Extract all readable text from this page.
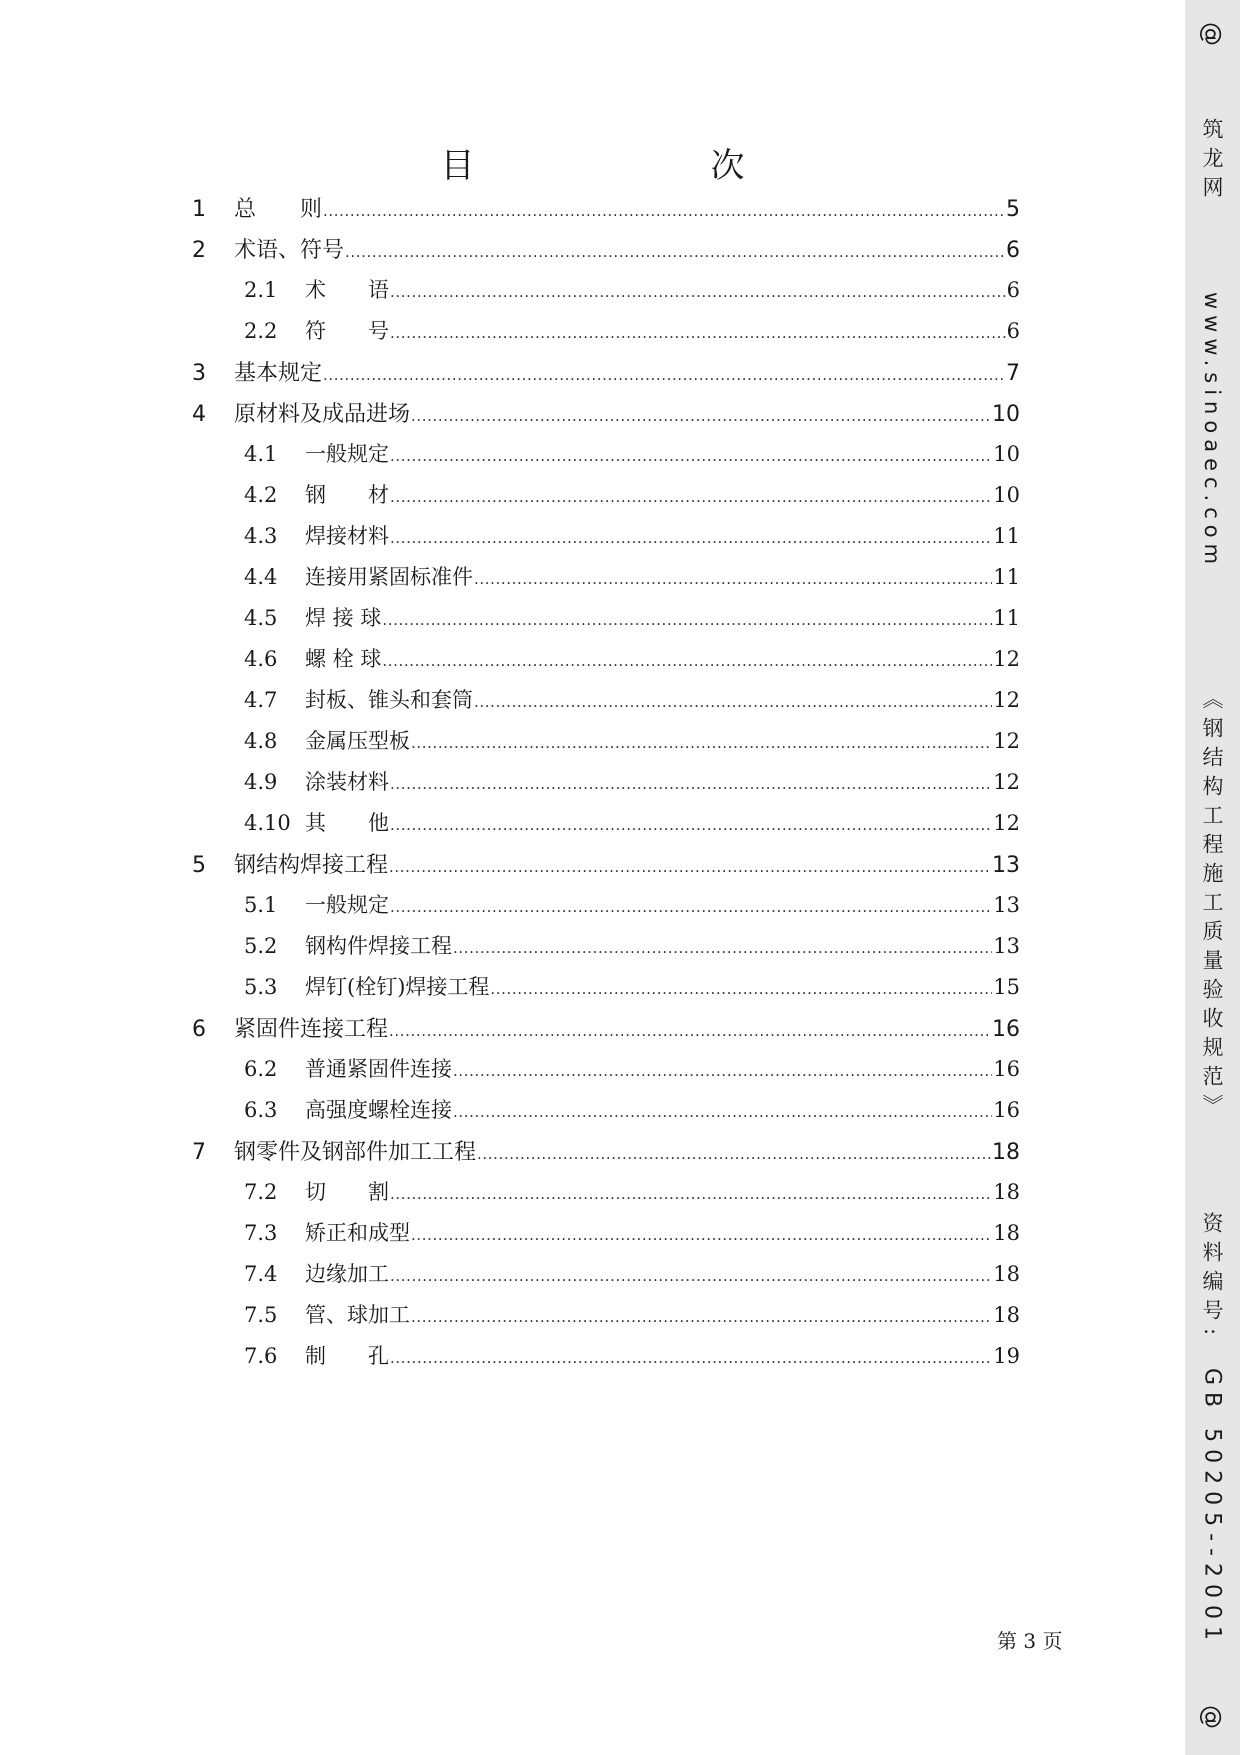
目　　次
1	总　　则 .....	5
2	术语、符号 .....	6
2.1	术　　语 .....	6
2.2	符　　号 .....	6
3	基本规定 .....	7
4	原材料及成品进场 .....	10
4.1	一般规定 .....	10
4.2	钢　　材 .....	10
4.3	焊接材料 .....	11
4.4	连接用紧固标准件 .....	11
4.5	焊 接 球 .....	11
4.6	螺 栓 球 .....	12
4.7	封板、锥头和套筒 .....	12
4.8	金属压型板 .....	12
4.9	涂装材料 .....	12
4.10 其　　他 .....	12
5	钢结构焊接工程 .....	13
5.1	一般规定 .....	13
5.2	钢构件焊接工程 .....	13
5.3	焊钉(栓钉)焊接工程 .....	15
6	紧固件连接工程 .....	16
6.2	普通紧固件连接 .....	16
6.3	高强度螺栓连接 .....	16
7	钢零件及钢部件加工工程 .....	18
7.2	切　　割 .....	18
7.3	矫正和成型 .....	18
7.4	边缘加工 .....	18
7.5	管、球加工 .....	18
7.6	制　　孔 .....	19
第 3 页
@
筑龙网
www.sinoaec.com
《钢结构工程施工质量验收规范》
资料编号:
GB 50205--2001
@
